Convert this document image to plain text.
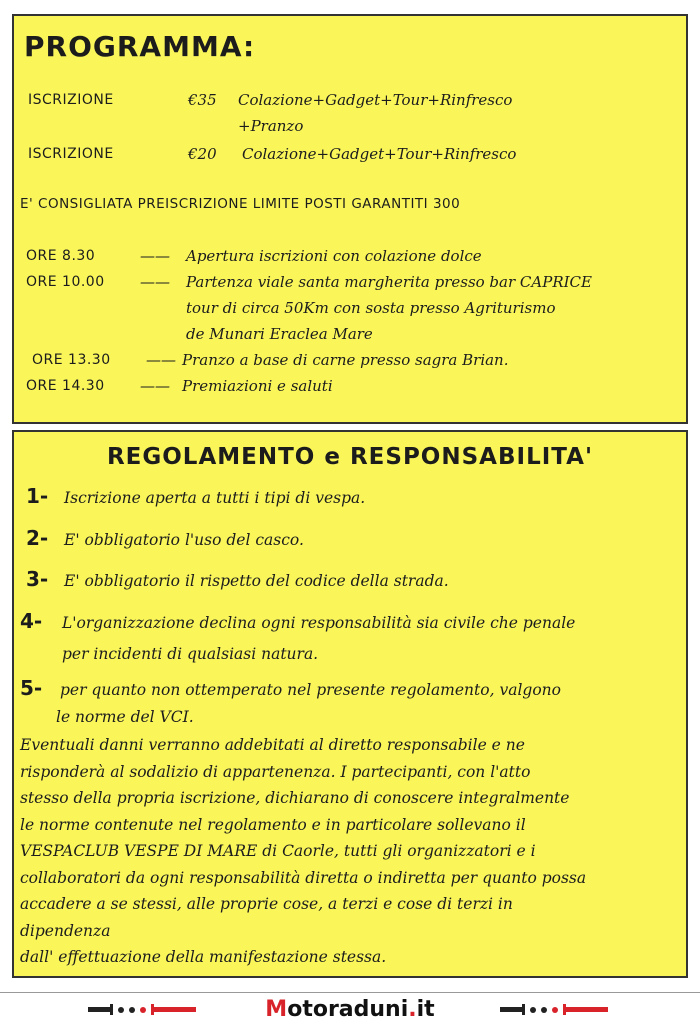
PROGRAMMA:
ISCRIZIONE	€35 Colazione+Gadget+Tour+Rinfresco
+Pranzo
ISCRIZIONE	€20 Colazione+Gadget+Tour+Rinfresco
E' CONSIGLIATA PREISCRIZIONE LIMITE POSTI GARANTITI 300
ORE 8.30	—— Apertura iscrizioni con colazione dolce
ORE 10.00 —— Partenza viale santa margherita presso bar CAPRICE
tour di circa 50Km con sosta presso Agriturismo
de Munari Eraclea Mare
ORE 13.30 —— Pranzo a base di carne presso sagra Brian.
ORE 14.30 —— Premiazioni e saluti
REGOLAMENTO e RESPONSABILITA'
1- Iscrizione aperta a tutti i tipi di vespa.
2- E' obbligatorio l'uso del casco.
3- E' obbligatorio il rispetto del codice della strada.
4- L'organizzazione declina ogni responsabilità sia civile che penale
per incidenti di qualsiasi natura.
5- per quanto non ottemperato nel presente regolamento, valgono
le norme del VCI.
Eventuali danni verranno addebitati al diretto responsabile e ne
risponderà al sodalizio di appartenenza. I partecipanti, con l'atto
stesso della propria iscrizione, dichiarano di conoscere integralmente
le norme contenute nel regolamento e in particolare sollevano il
VESPACLUB VESPE DI MARE di Caorle, tutti gli organizzatori e i
collaboratori da ogni responsabilità diretta o indiretta per quanto possa
accadere a se stessi, alle proprie cose, a terzi e cose di terzi in
dipendenza
dall' effettuazione della manifestazione stessa.
Motoraduni.it
